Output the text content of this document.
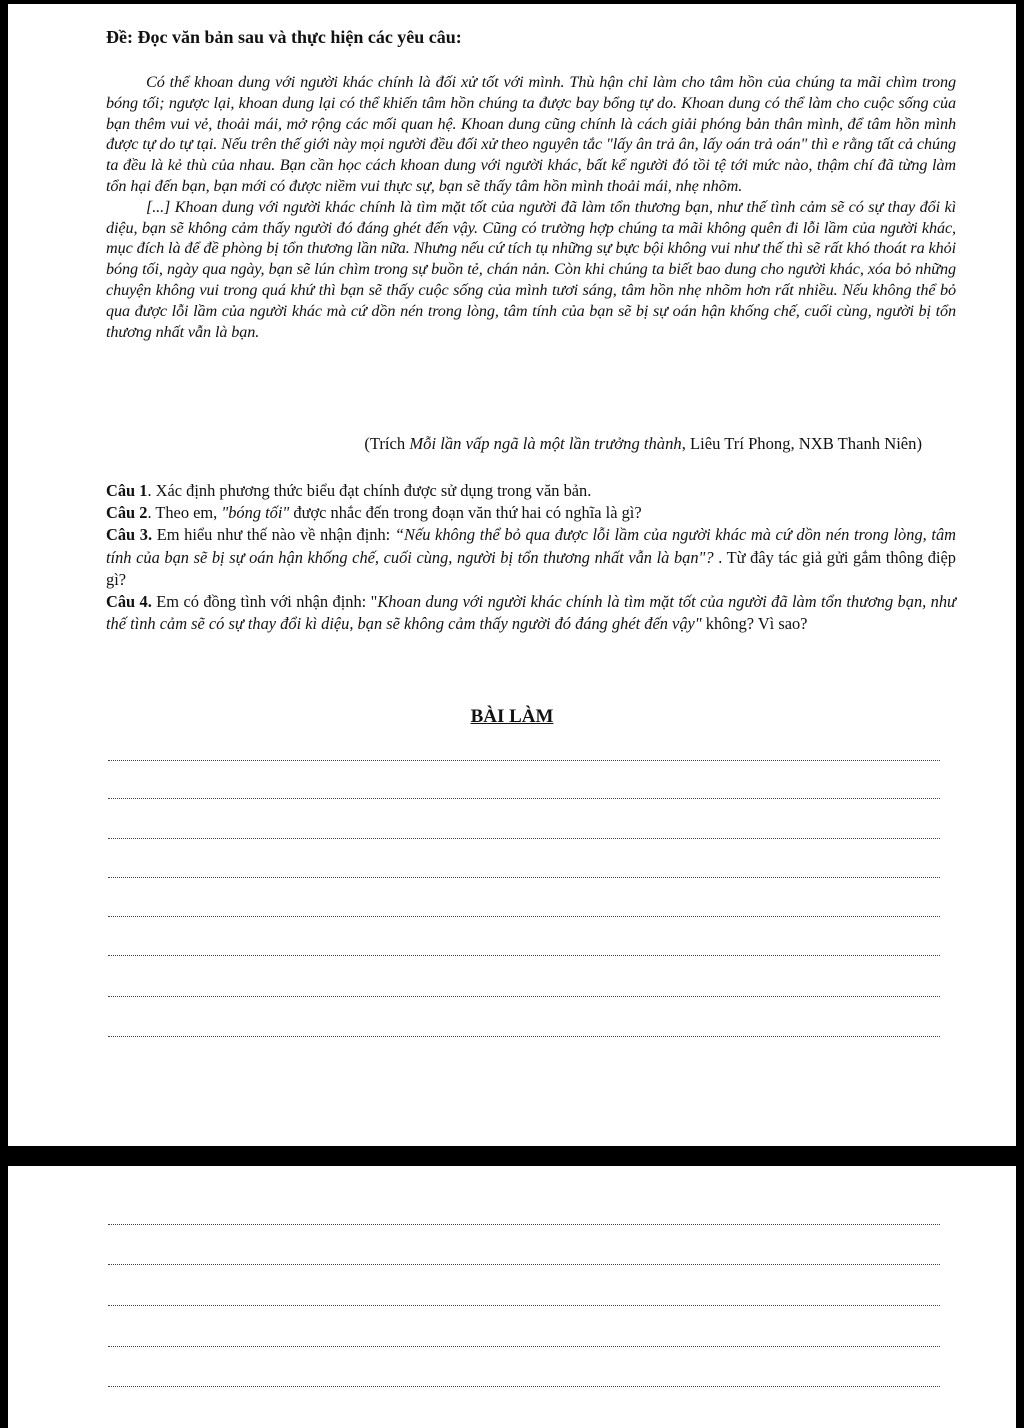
Đề: Đọc văn bản sau và thực hiện các yêu câu:

Có thể khoan dung với người khác chính là đối xử tốt với mình. Thù hận chỉ làm cho tâm hồn của chúng ta mãi chìm trong bóng tối; ngược lại, khoan dung lại có thể khiến tâm hồn chúng ta được bay bổng tự do. Khoan dung có thể làm cho cuộc sống của bạn thêm vui vẻ, thoải mái, mở rộng các mối quan hệ. Khoan dung cũng chính là cách giải phóng bản thân mình, để tâm hồn mình được tự do tự tại. Nếu trên thế giới này mọi người đều đối xử theo nguyên tắc "lấy ân trả ân, lấy oán trả oán" thì e rằng tất cả chúng ta đều là kẻ thù của nhau. Bạn cần học cách khoan dung với người khác, bất kể người đó tồi tệ tới mức nào, thậm chí đã từng làm tổn hại đến bạn, bạn mới có được niềm vui thực sự, bạn sẽ thấy tâm hồn mình thoải mái, nhẹ nhõm.

[...] Khoan dung với người khác chính là tìm mặt tốt của người đã làm tổn thương bạn, như thế tình cảm sẽ có sự thay đổi kì diệu, bạn sẽ không cảm thấy người đó đáng ghét đến vậy. Cũng có trường hợp chúng ta mãi không quên đi lỗi lầm của người khác, mục đích là để đề phòng bị tổn thương lần nữa. Nhưng nếu cứ tích tụ những sự bực bội không vui như thế thì sẽ rất khó thoát ra khỏi bóng tối, ngày qua ngày, bạn sẽ lún chìm trong sự buồn tẻ, chán nản. Còn khi chúng ta biết bao dung cho người khác, xóa bỏ những chuyện không vui trong quá khứ thì bạn sẽ thấy cuộc sống của mình tươi sáng, tâm hồn nhẹ nhõm hơn rất nhiều. Nếu không thể bỏ qua được lỗi lầm của người khác mà cứ dồn nén trong lòng, tâm tính của bạn sẽ bị sự oán hận khống chế, cuối cùng, người bị tổn thương nhất vẫn là bạn.

(Trích Mỗi lần vấp ngã là một lần trưởng thành, Liêu Trí Phong, NXB Thanh Niên)

Câu 1. Xác định phương thức biểu đạt chính được sử dụng trong văn bản.

Câu 2. Theo em, "bóng tối" được nhắc đến trong đoạn văn thứ hai có nghĩa là gì?

Câu 3. Em hiểu như thế nào về nhận định: “Nếu không thể bỏ qua được lỗi lầm của người khác mà cứ dồn nén trong lòng, tâm tính của bạn sẽ bị sự oán hận khống chế, cuối cùng, người bị tổn thương nhất vẫn là bạn"? . Từ đây tác giả gửi gắm thông điệp gì?

Câu 4. Em có đồng tình với nhận định: "Khoan dung với người khác chính là tìm mặt tốt của người đã làm tổn thương bạn, như thế tình cảm sẽ có sự thay đổi kì diệu, bạn sẽ không cảm thấy người đó đáng ghét đến vậy" không? Vì sao?

BÀI LÀM
